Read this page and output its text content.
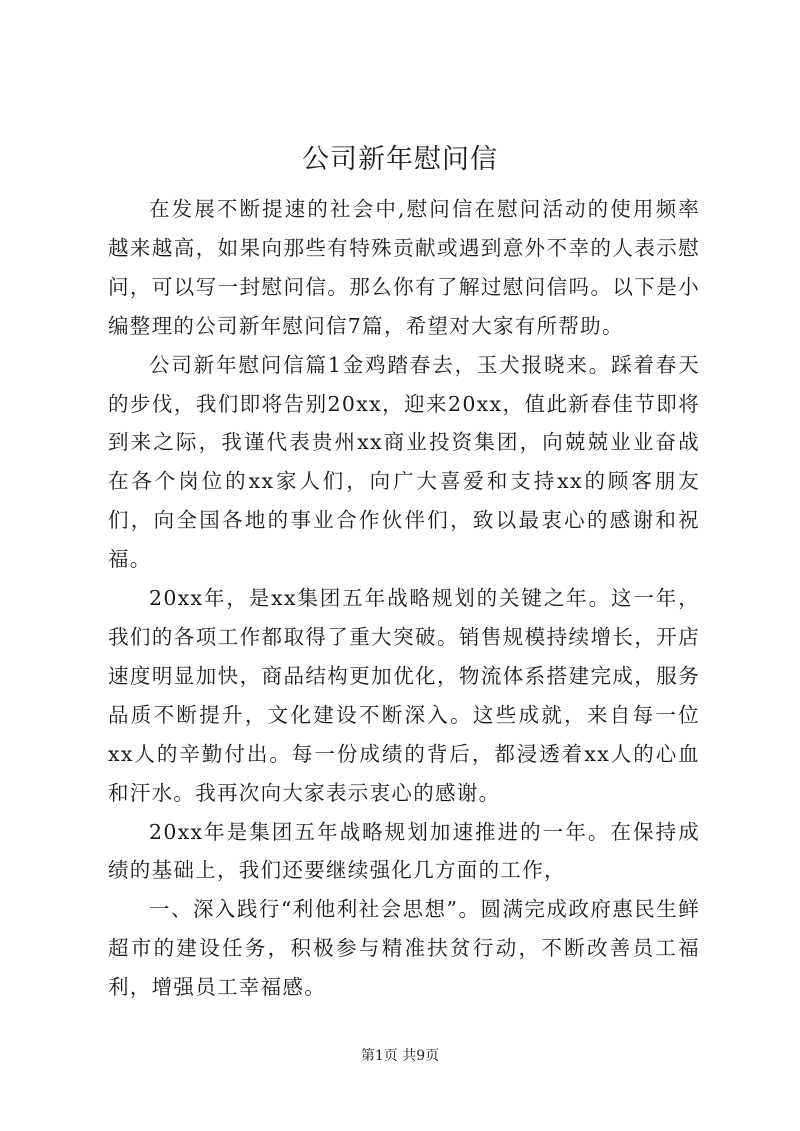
公司新年慰问信

在发展不断提速的社会中,慰问信在慰问活动的使用频率越来越高，如果向那些有特殊贡献或遇到意外不幸的人表示慰问，可以写一封慰问信。那么你有了解过慰问信吗。以下是小编整理的公司新年慰问信7篇，希望对大家有所帮助。

公司新年慰问信篇1金鸡踏春去，玉犬报晓来。踩着春天的步伐，我们即将告别20xx，迎来20xx，值此新春佳节即将到来之际，我谨代表贵州xx商业投资集团，向兢兢业业奋战在各个岗位的xx家人们，向广大喜爱和支持xx的顾客朋友们，向全国各地的事业合作伙伴们，致以最衷心的感谢和祝福。

20xx年，是xx集团五年战略规划的关键之年。这一年，我们的各项工作都取得了重大突破。销售规模持续增长，开店速度明显加快，商品结构更加优化，物流体系搭建完成，服务品质不断提升，文化建设不断深入。这些成就，来自每一位xx人的辛勤付出。每一份成绩的背后，都浸透着xx人的心血和汗水。我再次向大家表示衷心的感谢。

20xx年是集团五年战略规划加速推进的一年。在保持成绩的基础上，我们还要继续强化几方面的工作，

一、深入践行“利他利社会思想”。圆满完成政府惠民生鲜超市的建设任务，积极参与精准扶贫行动，不断改善员工福利，增强员工幸福感。

第1页 共9页
